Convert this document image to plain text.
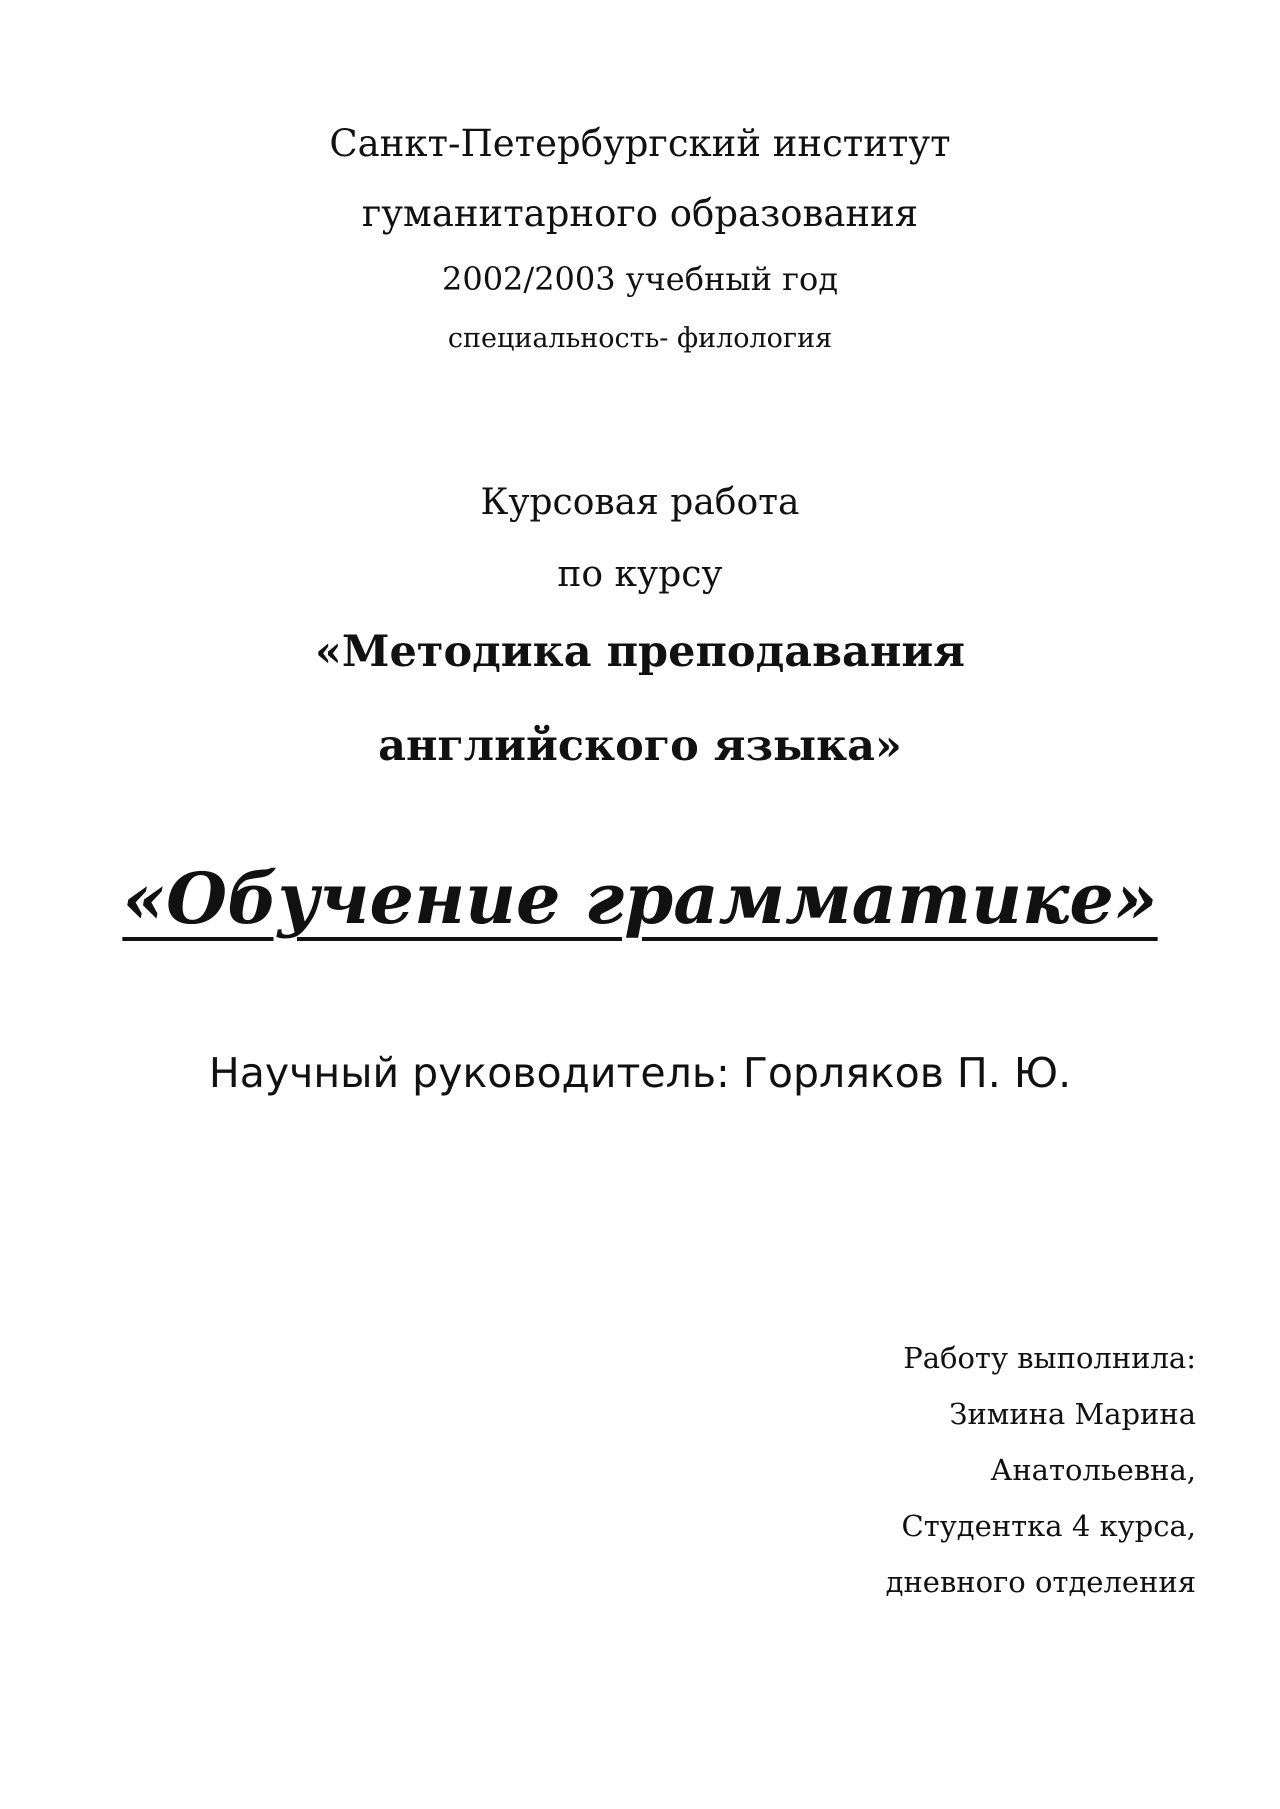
Санкт-Петербургский институт

гуманитарного образования

2002/2003 учебный год

специальность- филология

Курсовая работа

по курсу

«Методика преподавания

английского языка»

«Обучение грамматике»

Научный руководитель: Горляков П. Ю.

Работу выполнила:
Зимина Марина
Анатольевна,
Студентка 4 курса,
дневного отделения
